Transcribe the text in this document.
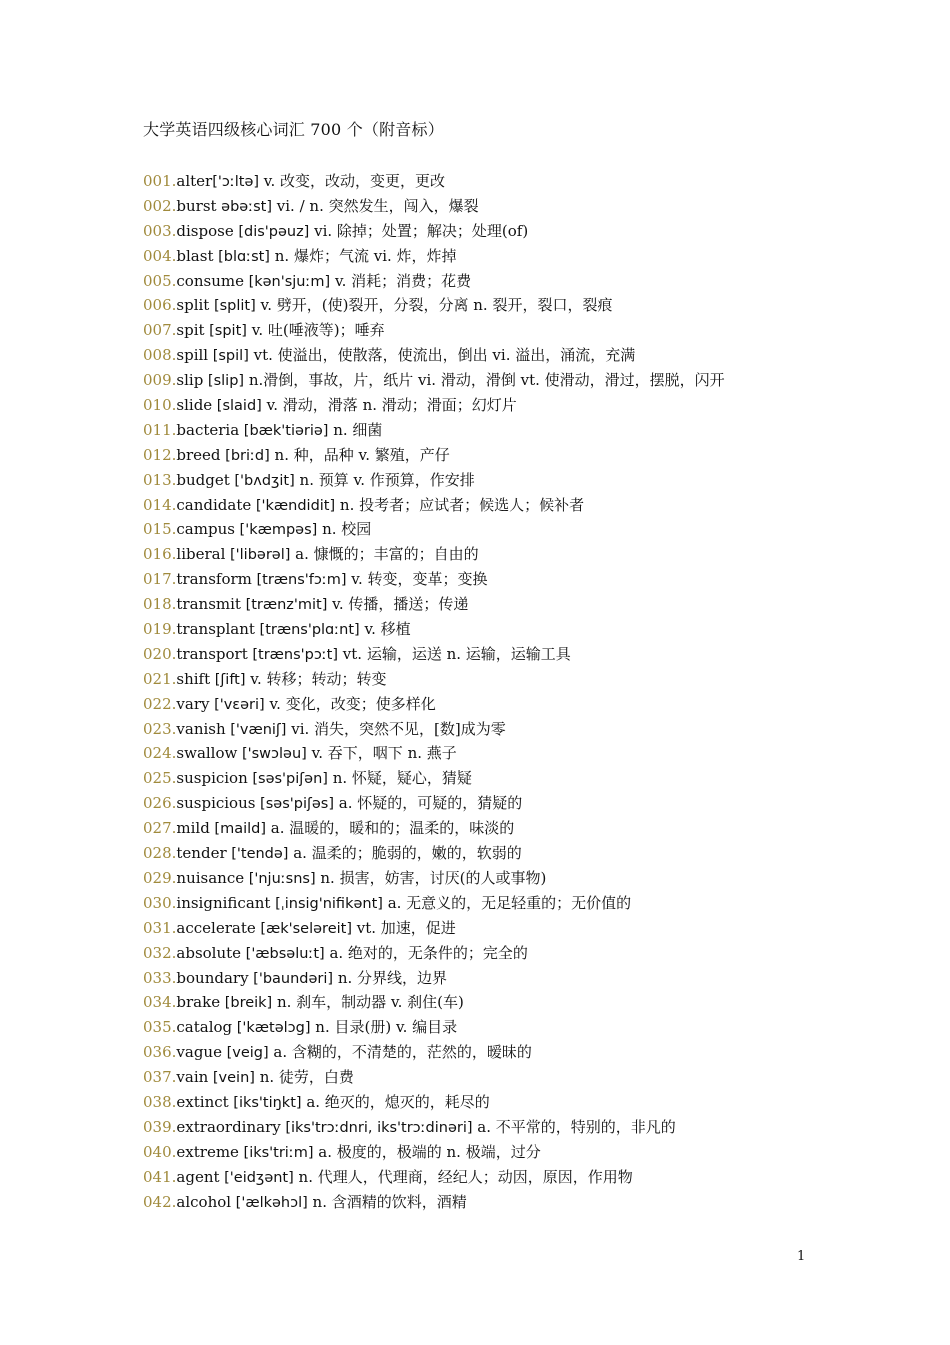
大学英语四级核心词汇 700 个（附音标）
001.alter['ɔːltə] v. 改变，改动，变更，更改
002.burst əbəːst] vi. / n. 突然发生，闯入，爆裂
003.dispose [dis'pəuz] vi. 除掉；处置；解决；处理(of)
004.blast [blɑːst] n. 爆炸；气流 vi. 炸，炸掉
005.consume [kən'sjuːm] v. 消耗；消费；花费
006.split [split] v. 劈开，(使)裂开，分裂，分离 n. 裂开，裂口，裂痕
007.spit [spit] v. 吐(唾液等)；唾弃
008.spill [spil] vt. 使溢出，使散落，使流出，倒出 vi. 溢出，涌流，充满
009.slip [slip] n.滑倒，事故，片，纸片 vi. 滑动，滑倒 vt. 使滑动，滑过，摆脱，闪开
010.slide [slaid] v. 滑动，滑落 n. 滑动；滑面；幻灯片
011.bacteria [bæk'tiəriə] n. 细菌
012.breed [briːd] n. 种，品种 v. 繁殖，产仔
013.budget ['bʌdʒit] n. 预算 v. 作预算，作安排
014.candidate ['kændidit] n. 投考者；应试者；候选人；候补者
015.campus ['kæmpəs] n. 校园
016.liberal ['libərəl] a. 慷慨的；丰富的；自由的
017.transform [træns'fɔːm] v. 转变，变革；变换
018.transmit [trænz'mit] v. 传播，播送；传递
019.transplant [træns'plɑːnt] v. 移植
020.transport [træns'pɔːt] vt. 运输，运送 n. 运输，运输工具
021.shift [ʃift] v. 转移；转动；转变
022.vary ['vɛəri] v. 变化，改变；使多样化
023.vanish ['væniʃ] vi. 消失，突然不见，[数]成为零
024.swallow ['swɔləu] v. 吞下，咽下 n. 燕子
025.suspicion [səs'piʃən] n. 怀疑，疑心，猜疑
026.suspicious [səs'piʃəs] a. 怀疑的，可疑的，猜疑的
027.mild [maild] a. 温暖的，暖和的；温柔的，味淡的
028.tender ['tendə] a. 温柔的；脆弱的，嫩的，软弱的
029.nuisance ['njuːsns] n. 损害，妨害，讨厌(的人或事物)
030.insignificant [ˌinsig'nifikənt] a. 无意义的，无足轻重的；无价值的
031.accelerate [æk'seləreit] vt. 加速，促进
032.absolute ['æbsəluːt] a. 绝对的，无条件的；完全的
033.boundary ['baundəri] n. 分界线，边界
034.brake [breik] n. 刹车，制动器 v. 刹住(车)
035.catalog ['kætəlɔg] n. 目录(册) v. 编目录
036.vague [veig] a. 含糊的，不清楚的，茫然的，暧昧的
037.vain [vein] n. 徒劳，白费
038.extinct [iks'tiŋkt] a. 绝灭的，熄灭的，耗尽的
039.extraordinary [iks'trɔːdnri, iks'trɔːdinəri] a. 不平常的，特别的，非凡的
040.extreme [iks'triːm] a. 极度的，极端的 n. 极端，过分
041.agent ['eidʒənt] n. 代理人，代理商，经纪人；动因，原因，作用物
042.alcohol ['ælkəhɔl] n. 含酒精的饮料，酒精
1
